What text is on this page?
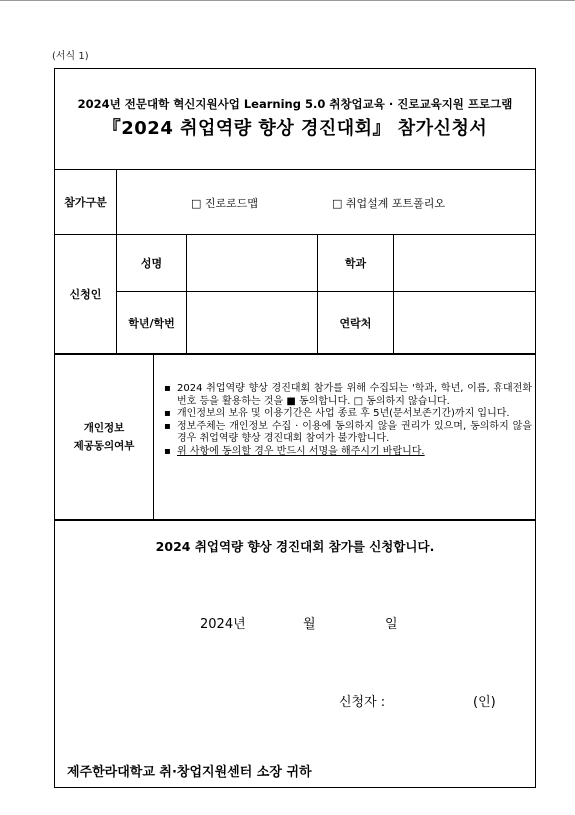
(서식 1)
2024년 전문대학 혁신지원사업 Learning 5.0 취창업교육 · 진로교육지원 프로그램
『2024 취업역량 향상 경진대회』 참가신청서
참가구분	□ 진로로드맵	□ 취업설계 포트폴리오
신청인
성명	학과
학년/학번	연락처
개인정보
제공동의여부
▪ 2024 취업역량 향상 경진대회 참가를 위해 수집되는 '학과, 학년, 이름, 휴대전화번호 등을 활용하는 것을 ■ 동의합니다. □ 동의하지 않습니다.
▪ 개인정보의 보유 및 이용기간은 사업 종료 후 5년(문서보존기간)까지 입니다.
▪ 정보주체는 개인정보 수집 · 이용에 동의하지 않을 권리가 있으며, 동의하지 않을 경우 취업역량 향상 경진대회 참여가 불가합니다.
▪ 위 사항에 동의할 경우 반드시 서명을 해주시기 바랍니다.
2024 취업역량 향상 경진대회 참가를 신청합니다.
2024년	월	일
신청자 :	(인)
제주한라대학교 취·창업지원센터 소장 귀하
